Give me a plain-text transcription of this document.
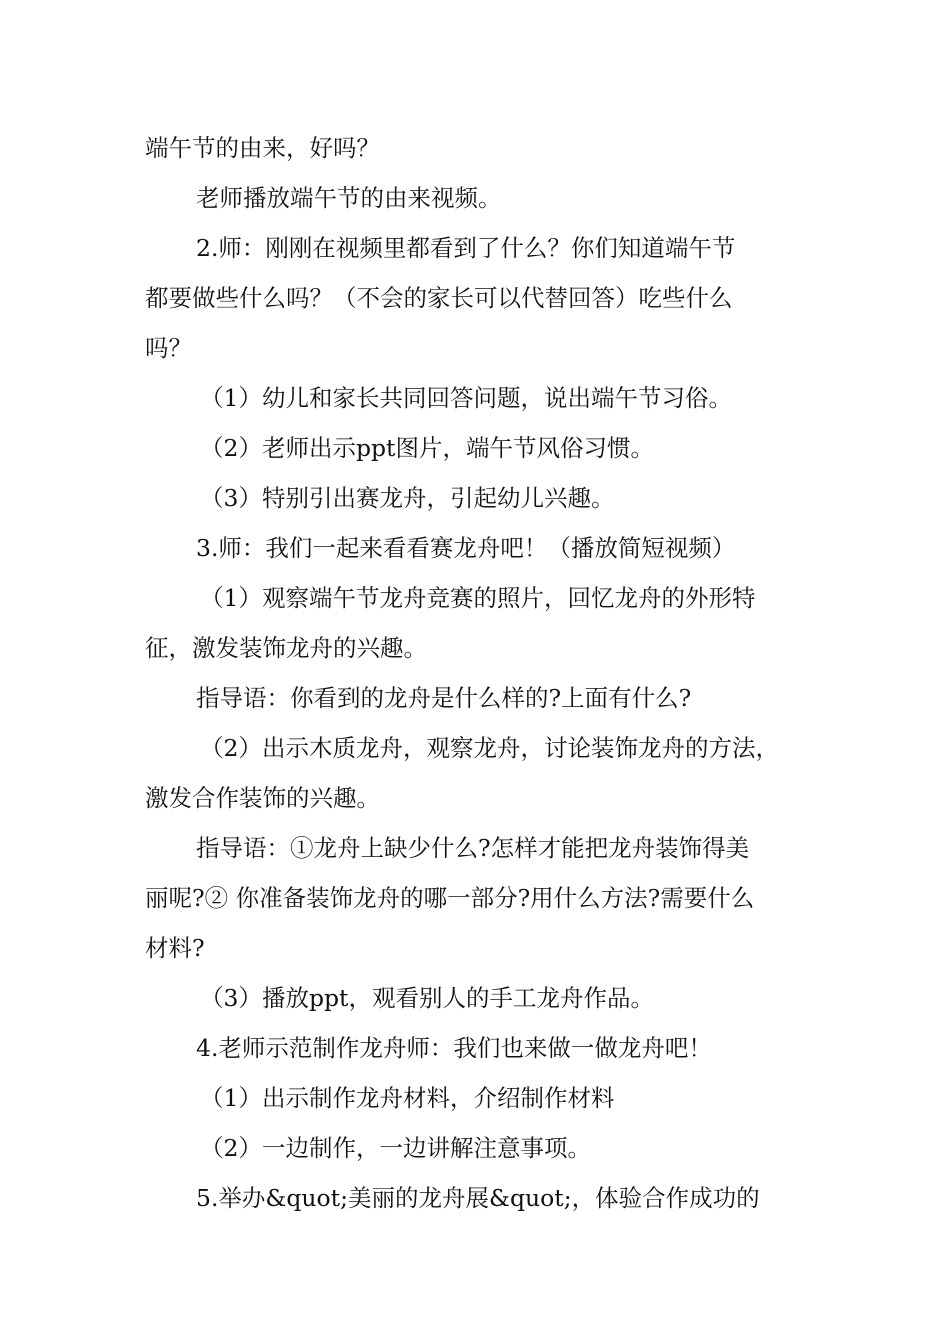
端午节的由来，好吗？
老师播放端午节的由来视频。
2.师：刚刚在视频里都看到了什么？你们知道端午节
都要做些什么吗？（不会的家长可以代替回答）吃些什么
吗？
（1）幼儿和家长共同回答问题，说出端午节习俗。
（2）老师出示ppt图片，端午节风俗习惯。
（3）特别引出赛龙舟，引起幼儿兴趣。
3.师：我们一起来看看赛龙舟吧！（播放简短视频）
（1）观察端午节龙舟竞赛的照片，回忆龙舟的外形特
征，激发装饰龙舟的兴趣。
指导语：你看到的龙舟是什么样的?上面有什么?
（2）出示木质龙舟，观察龙舟，讨论装饰龙舟的方法，
激发合作装饰的兴趣。
指导语：①龙舟上缺少什么?怎样才能把龙舟装饰得美
丽呢?② 你准备装饰龙舟的哪一部分?用什么方法?需要什么
材料?
（3）播放ppt，观看别人的手工龙舟作品。
4.老师示范制作龙舟师：我们也来做一做龙舟吧！
（1）出示制作龙舟材料，介绍制作材料
（2）一边制作，一边讲解注意事项。
5.举办&quot;美丽的龙舟展&quot;，体验合作成功的
